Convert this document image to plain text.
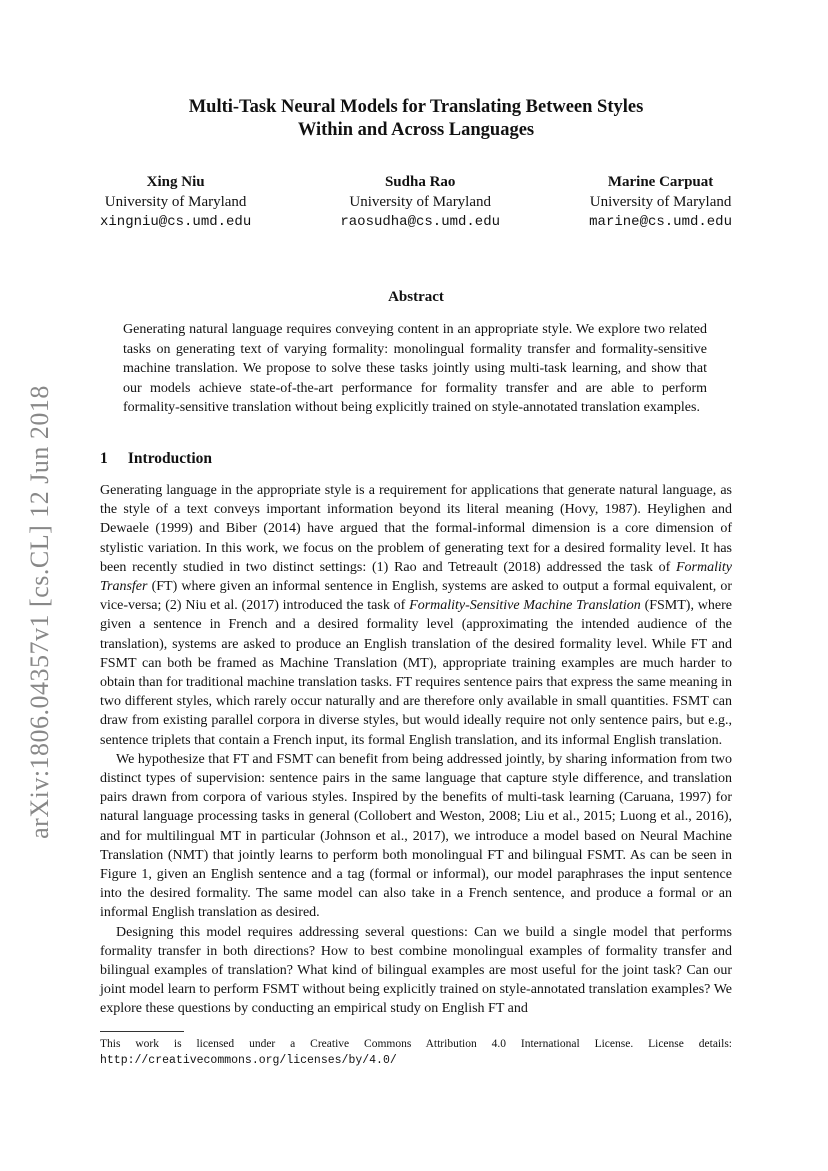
arXiv:1806.04357v1 [cs.CL] 12 Jun 2018
Multi-Task Neural Models for Translating Between Styles
Within and Across Languages
Xing Niu
University of Maryland
xingniu@cs.umd.edu
Sudha Rao
University of Maryland
raosudha@cs.umd.edu
Marine Carpuat
University of Maryland
marine@cs.umd.edu
Abstract
Generating natural language requires conveying content in an appropriate style. We explore two related tasks on generating text of varying formality: monolingual formality transfer and formality-sensitive machine translation. We propose to solve these tasks jointly using multi-task learning, and show that our models achieve state-of-the-art performance for formality transfer and are able to perform formality-sensitive translation without being explicitly trained on style-annotated translation examples.
1 Introduction

Generating language in the appropriate style is a requirement for applications that generate natural language, as the style of a text conveys important information beyond its literal meaning (Hovy, 1987). Heylighen and Dewaele (1999) and Biber (2014) have argued that the formal-informal dimension is a core dimension of stylistic variation. In this work, we focus on the problem of generating text for a desired formality level. It has been recently studied in two distinct settings: (1) Rao and Tetreault (2018) addressed the task of Formality Transfer (FT) where given an informal sentence in English, systems are asked to output a formal equivalent, or vice-versa; (2) Niu et al. (2017) introduced the task of Formality-Sensitive Machine Translation (FSMT), where given a sentence in French and a desired formality level (approximating the intended audience of the translation), systems are asked to produce an English translation of the desired formality level. While FT and FSMT can both be framed as Machine Translation (MT), appropriate training examples are much harder to obtain than for traditional machine translation tasks. FT requires sentence pairs that express the same meaning in two different styles, which rarely occur naturally and are therefore only available in small quantities. FSMT can draw from existing parallel corpora in diverse styles, but would ideally require not only sentence pairs, but e.g., sentence triplets that contain a French input, its formal English translation, and its informal English translation.

We hypothesize that FT and FSMT can benefit from being addressed jointly, by sharing information from two distinct types of supervision: sentence pairs in the same language that capture style difference, and translation pairs drawn from corpora of various styles. Inspired by the benefits of multi-task learning (Caruana, 1997) for natural language processing tasks in general (Collobert and Weston, 2008; Liu et al., 2015; Luong et al., 2016), and for multilingual MT in particular (Johnson et al., 2017), we introduce a model based on Neural Machine Translation (NMT) that jointly learns to perform both monolingual FT and bilingual FSMT. As can be seen in Figure 1, given an English sentence and a tag (formal or informal), our model paraphrases the input sentence into the desired formality. The same model can also take in a French sentence, and produce a formal or an informal English translation as desired.

Designing this model requires addressing several questions: Can we build a single model that performs formality transfer in both directions? How to best combine monolingual examples of formality transfer and bilingual examples of translation? What kind of bilingual examples are most useful for the joint task? Can our joint model learn to perform FSMT without being explicitly trained on style-annotated translation examples? We explore these questions by conducting an empirical study on English FT and

This work is licensed under a Creative Commons Attribution 4.0 International License. License details: http://creativecommons.org/licenses/by/4.0/
